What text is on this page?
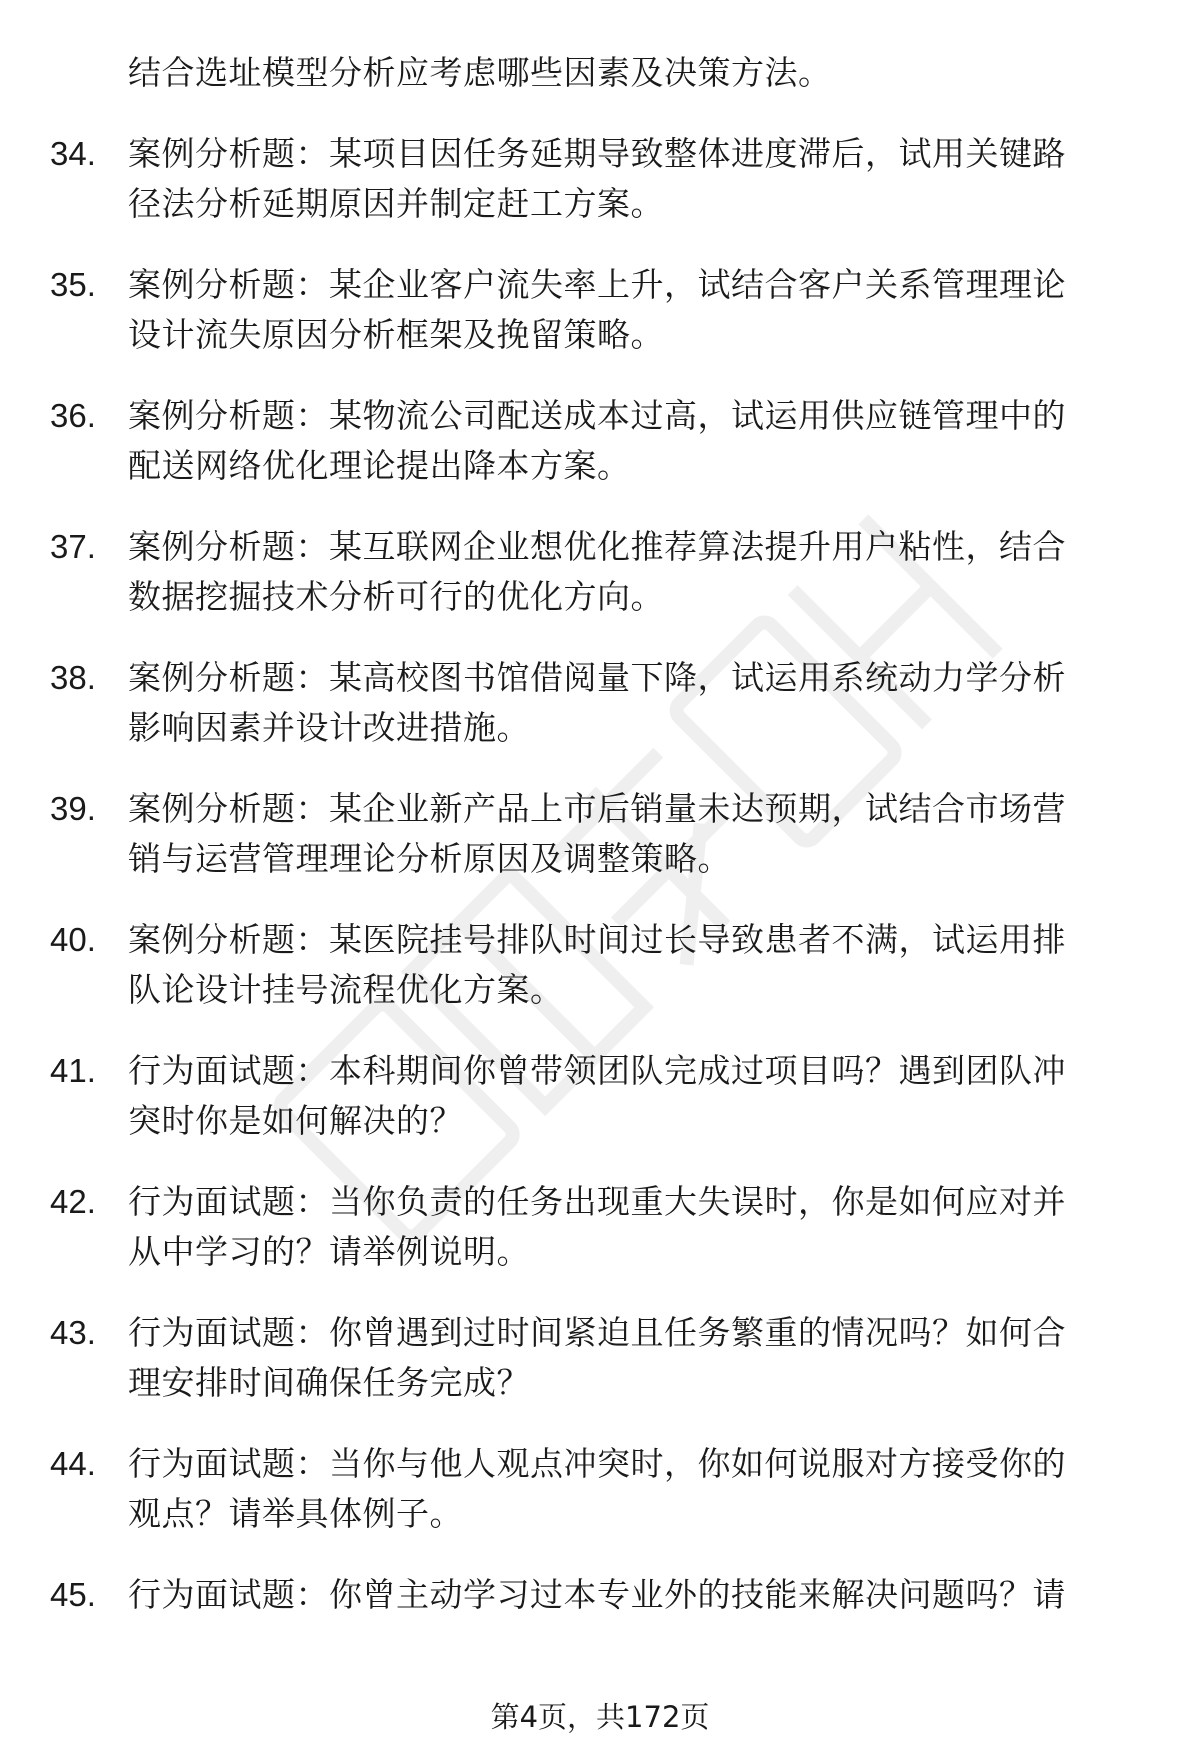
结合选址模型分析应考虑哪些因素及决策方法。
34. 案例分析题：某项目因任务延期导致整体进度滞后，试用关键路
径法分析延期原因并制定赶工方案。
35. 案例分析题：某企业客户流失率上升，试结合客户关系管理理论
设计流失原因分析框架及挽留策略。
36. 案例分析题：某物流公司配送成本过高，试运用供应链管理中的
配送网络优化理论提出降本方案。
37. 案例分析题：某互联网企业想优化推荐算法提升用户粘性，结合
数据挖掘技术分析可行的优化方向。
38. 案例分析题：某高校图书馆借阅量下降，试运用系统动力学分析
影响因素并设计改进措施。
39. 案例分析题：某企业新产品上市后销量未达预期，试结合市场营
销与运营管理理论分析原因及调整策略。
40. 案例分析题：某医院挂号排队时间过长导致患者不满，试运用排
队论设计挂号流程优化方案。
41. 行为面试题：本科期间你曾带领团队完成过项目吗？遇到团队冲
突时你是如何解决的？
42. 行为面试题：当你负责的任务出现重大失误时，你是如何应对并
从中学习的？请举例说明。
43. 行为面试题：你曾遇到过时间紧迫且任务繁重的情况吗？如何合
理安排时间确保任务完成？
44. 行为面试题：当你与他人观点冲突时，你如何说服对方接受你的
观点？请举具体例子。
45. 行为面试题：你曾主动学习过本专业外的技能来解决问题吗？请
第4页，共172页
